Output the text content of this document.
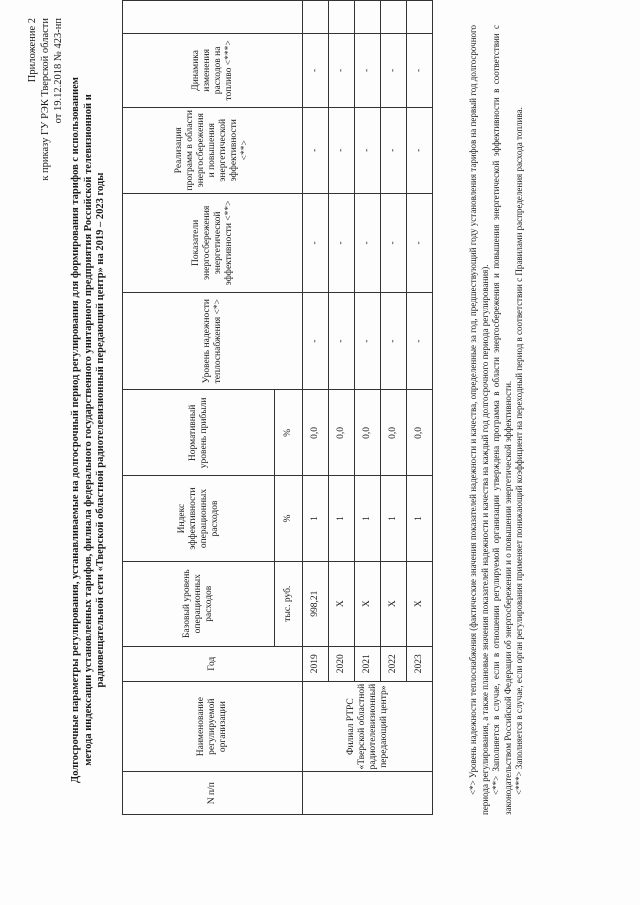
Приложение 2 к приказу ГУ РЭК Тверской области от 19.12.2018 № 423-нп
Долгосрочные параметры регулирования, устанавливаемые на долгосрочный период регулирования для формирования тарифов с использованием метода индексации установленных тарифов, филиала федерального государственного унитарного предприятия Российской телевизионной и радиовещательной сети «Тверской областной радиотелевизионный передающий центр» на 2019 – 2023 годы
N п/п	Наименование регулируемой организации	Год	Базовый уровень операционных расходов	Индекс эффективности операционных расходов	Нормативный уровень прибыли	Уровень надежности теплоснабжения <*>	Показатели энергосбережения энергетической эффективности <**>	Реализация программ в области энергосбережения и повышения энергетической эффективности <**>	Динамика изменения расходов на топливо <***>	
			тыс. руб.	%	%					
	Филиал РТРС «Тверской областной радиотелевизионный передающий центр»	2019	998,21	1	0,0	-	-	-	-	
		2020	Х	1	0,0	-	-	-	-	
		2021	Х	1	0,0	-	-	-	-	
		2022	Х	1	0,0	-	-	-	-	
		2023	Х	1	0,0	-	-	-	-		<*> Уровень надежности теплоснабжения (фактические значения показателей надежности и качества, определенные за год, предшествующий году установления тарифов на первый год долгосрочного периода регулирования, а также плановые значения показателей надежности и качества на каждый год долгосрочного периода регулирования). <**> Заполняется в случае, если в отношении регулируемой организации утверждена программа в области энергосбережения и повышения энергетической эффективности в соответствии с законодательством Российской Федерации об энергосбережении и о повышении энергетической эффективности. <***> Заполняется в случае, если орган регулирования применяет понижающий коэффициент на переходный период в соответствии с Правилами распределения расхода топлива.
